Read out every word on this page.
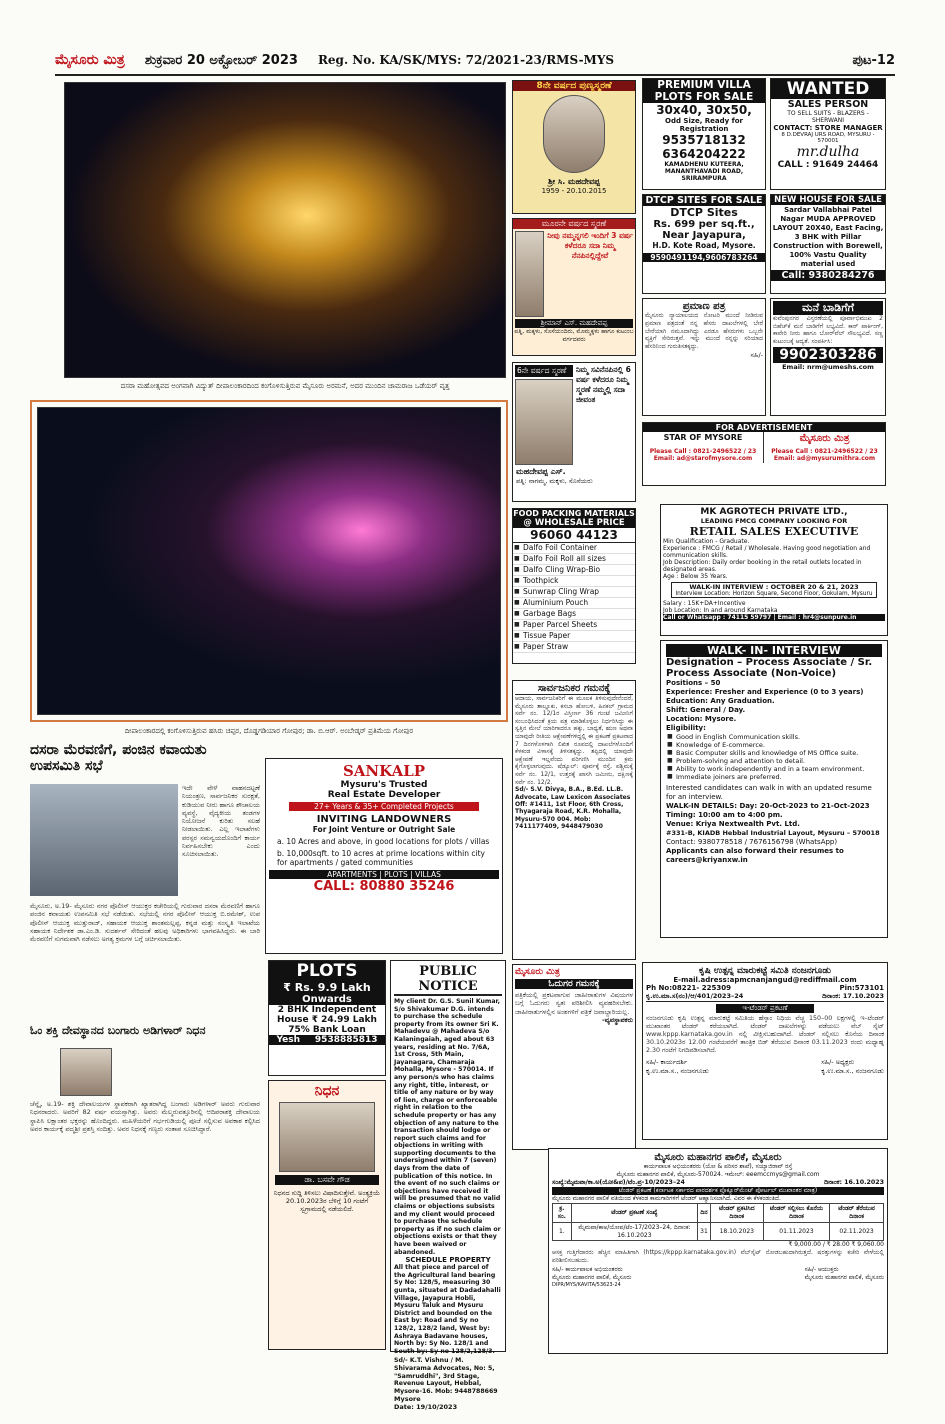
ಮೈಸೂರು ಮಿತ್ರ ಶುಕ್ರವಾರ 20 ಅಕ್ಟೋಬರ್ 2023 Reg. No. KA/SK/MYS: 72/2021-23/RMS-MYS	ಪುಟ-12
ದಸರಾ ಮಹೋತ್ಸವದ ಅಂಗವಾಗಿ ವಿದ್ಯುತ್ ದೀಪಾಲಂಕಾರದಿಂದ ಕಂಗೊಳಿಸುತ್ತಿರುವ ಮೈಸೂರು ಅರಮನೆ, ಅದರ ಮುಂದಿನ ಚಾಮರಾಜ ಒಡೆಯರ್ ವೃತ್ತ
ದೀಪಾಲಂಕಾರದಲ್ಲಿ ಕಂಗೊಳಿಸುತ್ತಿರುವ ಹಸಿರು ಚಪ್ಪರ, ದೊಡ್ಡಗಡಿಯಾರ ಗೋಪುರ; ಡಾ. ಬಿ.ಆರ್. ಅಂಬೇಡ್ಕರ್ ಪ್ರತಿಮೆಯ ಗೋಪುರ
ದಸರಾ ಮೆರವಣಿಗೆ, ಪಂಜಿನ ಕವಾಯತು ಉಪಸಮಿತಿ ಸಭೆ
ಮೈಸೂರು, ಅ.19- ಮೈಸೂರು ನಗರ ಪೊಲೀಸ್ ಆಯುಕ್ತರ ಕಚೇರಿಯಲ್ಲಿ ಗುರುವಾರ ದಸರಾ ಮೆರವಣಿಗೆ ಹಾಗೂ ಪಂಜಿನ ಕವಾಯತು ಉಪಸಮಿತಿ ಸಭೆ ನಡೆಯಿತು. ಸಭೆಯಲ್ಲಿ ನಗರ ಪೊಲೀಸ್ ಆಯುಕ್ತ ಬಿ.ರಮೇಶ್, ಉಪ ಪೊಲೀಸ್ ಆಯುಕ್ತ ಮುತ್ತುರಾಜ್, ಸಹಾಯಕ ಆಯುಕ್ತ ಶಾಂತಮಲ್ಲಪ್ಪ, ಕನ್ನಡ ಮತ್ತು ಸಂಸ್ಕೃತಿ ಇಲಾಖೆಯ ಸಹಾಯಕ ನಿರ್ದೇಶಕ ಡಾ.ಎಂ.ಡಿ. ಸುದರ್ಶನ್ ಸೇರಿದಂತೆ ಹಲವು ಅಧಿಕಾರಿಗಳು ಭಾಗವಹಿಸಿದ್ದರು. ಈ ಬಾರಿ ಮೆರವಣಿಗೆ ಸುಗಮವಾಗಿ ನಡೆಸಲು ಅಗತ್ಯ ಕ್ರಮಗಳ ಬಗ್ಗೆ ಚರ್ಚಿಸಲಾಯಿತು.
ಇದೇ ವೇಳೆ ವಾಹನದಟ್ಟಣೆ ನಿಯಂತ್ರಣ, ಸಾರ್ವಜನಿಕರ ಸುರಕ್ಷತೆ, ಕುಡಿಯುವ ನೀರು ಹಾಗೂ ಶೌಚಾಲಯ ವ್ಯವಸ್ಥೆ, ವೈದ್ಯಕೀಯ ತಂಡಗಳ ನಿಯೋಜನೆ ಕುರಿತು ಸಲಹೆ ನೀಡಲಾಯಿತು. ಎಲ್ಲ ಇಲಾಖೆಗಳು ಪರಸ್ಪರ ಸಮನ್ವಯದೊಂದಿಗೆ ಕಾರ್ಯ ನಿರ್ವಹಿಸಬೇಕು ಎಂದು ಸೂಚಿಸಲಾಯಿತು.
ಓಂ ಶಕ್ತಿ ದೇವಸ್ಥಾನದ ಬಂಗಾರು ಅಡಿಗಳಾರ್ ನಿಧನ
ಚೆನ್ನೈ, ಅ.19- ಶಕ್ತಿ ದೇವಾಲಯಗಳ ಸ್ಥಾಪಕರಾಗಿ ಖ್ಯಾತರಾಗಿದ್ದ ಬಂಗಾರು ಅಡಿಗಳಾರ್ ಅವರು ಗುರುವಾರ ನಿಧನರಾದರು. ಅವರಿಗೆ 82 ವರ್ಷ ವಯಸ್ಸಾಗಿತ್ತು. ಅವರು ಮೆಲ್ಮರುವತ್ತೂರಿನಲ್ಲಿ ಆದಿಪರಾಶಕ್ತಿ ದೇವಾಲಯ ಸ್ಥಾಪಿಸಿ ಲಕ್ಷಾಂತರ ಭಕ್ತರನ್ನು ಹೊಂದಿದ್ದರು. ಮಹಿಳೆಯರಿಗೆ ಗರ್ಭಗುಡಿಯಲ್ಲಿ ಪೂಜೆ ಸಲ್ಲಿಸುವ ಅವಕಾಶ ಕಲ್ಪಿಸಿದ ಅವರ ಕಾರ್ಯಕ್ಕೆ ಪದ್ಮಶ್ರೀ ಪ್ರಶಸ್ತಿ ಸಂದಿತ್ತು. ಅವರ ನಿಧನಕ್ಕೆ ಗಣ್ಯರು ಸಂತಾಪ ಸೂಚಿಸಿದ್ದಾರೆ.
SANKALP
Mysuru's Trusted
Real Estate Developer
27+ Years & 35+ Completed Projects
INVITING LANDOWNERS
For Joint Venture or Outright Sale
a. 10 Acres and above, in good locations for plots / villas
b. 10,000sqft. to 10 acres at prime locations within city for apartments / gated communities
APARTMENTS | PLOTS | VILLAS
CALL: 80880 35246
PLOTS
₹ Rs. 9.9 Lakh
Onwards
2 BHK Independent
House ₹ 24.99 Lakh
75% Bank Loan
Yesh 9538885813
ನಿಧನ
ಡಾ. ಬಸವೇ ಗೌಡ
ನಿಧನದ ಸುದ್ದಿ ತಿಳಿಸಲು ವಿಷಾದಿಸುತ್ತೇವೆ. ಅಂತ್ಯಕ್ರಿಯೆ 20.10.2023ರ ಬೆಳಿಗ್ಗೆ 10 ಗಂಟೆಗೆ ಸ್ವಗ್ರಾಮದಲ್ಲಿ ನಡೆಯಲಿದೆ.
PUBLIC NOTICE
My client Dr. G.S. Sunil Kumar, S/o Shivakumar D.G. intends to purchase the schedule property from its owner Sri K. Mahadevu @ Mahadeva S/o Kalaningaiah, aged about 63 years, residing at No. 7/6A, 1st Cross, 5th Main, Jayanagara, Chamaraja Mohalla, Mysore - 570014. If any person/s who has claims any right, title, interest, or title of any nature or by way of lien, charge or enforceable right in relation to the schedule property or has any objection of any nature to the transaction should lodge or report such claims and for objections in writing with supporting documents to the undersigned within 7 (seven) days from the date of publication of this notice. In the event of no such claims or objections have received it will be presumed that no valid claims or objections subsists and my client would proceed to purchase the schedule property as if no such claim or objections exists or that they have been waived or abandoned.
SCHEDULE PROPERTY
All that piece and parcel of the Agricultural land bearing Sy No: 128/5, measuring 30 gunta, situated at Dadadahalli Village, Jayapura Hobli, Mysuru Taluk and Mysuru District and bounded on the East by: Road and Sy no 128/2, 128/2 land, West by: Ashraya Badavane houses, North by: Sy No. 128/1 and South by: Sy no 128/2,128/3.
Sd/- K.T. Vishnu / M. Shivarama Advocates, No: 5, "Samruddhi", 3rd Stage, Revenue Layout, Hebbal, Mysore-16. Mob: 9448788669
Mysore
Date: 19/10/2023
8ನೇ ವರ್ಷದ ಪುಣ್ಯಸ್ಮರಣೆ
ಶ್ರೀ ಸಿ. ಮಹದೇವಪ್ಪ
1959 - 20.10.2015
ಮೂರನೇ ವರ್ಷದ ಸ್ಮರಣೆ
ನೀವು ನಮ್ಮನ್ನಗಲಿ ಇಂದಿಗೆ 3 ವರ್ಷ ಕಳೆದರೂ ಸದಾ ನಿಮ್ಮ ನೆನಪಿನಲ್ಲಿದ್ದೇವೆ
ಶ್ರೀಮಾನ್ ಎಸ್. ಮಹದೇವಪ್ಪ
ಪತ್ನಿ, ಮಕ್ಕಳು, ಸೊಸೆಯಂದಿರು, ಮೊಮ್ಮಕ್ಕಳು ಹಾಗೂ ಕುಟುಂಬ ವರ್ಗದವರು
6ನೇ ವರ್ಷದ ಸ್ಮರಣೆ	ನಿಮ್ಮ ಸವಿನೆನಪಿನಲ್ಲಿ 6 ವರ್ಷ ಕಳೆದರೂ ನಿಮ್ಮ ಸ್ಮರಣೆ ನಮ್ಮಲ್ಲಿ ಸದಾ ಜೀವಂತ
ಮಹದೇವಪ್ಪ ಎಸ್.
ಪತ್ನಿ: ನಾಗಮ್ಮ, ಮಕ್ಕಳು, ಸೊಸೆಯರು
FOOD PACKING MATERIALS
@ WHOLESALE PRICE
96060 44123
■ Dalfo Foil Container
■ Dalfo Foil Roll all sizes
■ Dalfo Cling Wrap-Bio
■ Toothpick
■ Sunwrap Cling Wrap
■ Aluminium Pouch
■ Garbage Bags
■ Paper Parcel Sheets
■ Tissue Paper
■ Paper Straw
ಸಾರ್ವಜನಿಕರ ಗಮನಕ್ಕೆ
ಆದಾಯ, ಸಾರ್ವಜನಿಕರಿಗೆ ಈ ಮೂಲಕ ತಿಳಿಸುವುದೇನೆಂದರೆ, ಮೈಸೂರು ತಾಲ್ಲೂಕು, ಕಸಬಾ ಹೋಬಳಿ, ಹಿನಕಲ್ ಗ್ರಾಮದ ಸರ್ವೆ ನಂ. 12/1ರ ವಿಸ್ತೀರ್ಣ 36 ಗುಂಟೆ ಜಮೀನಿಗೆ ಸಂಬಂಧಿಸಿದಂತೆ ಕ್ರಯ ಪತ್ರ ಮಾಡಿಕೊಳ್ಳಲು ನಿರ್ಧರಿಸಿದ್ದು ಈ ಸ್ವತ್ತಿನ ಮೇಲೆ ಯಾರಿಗಾದರೂ ಹಕ್ಕು, ಬಾಧ್ಯತೆ, ಋಣ ಅಥವಾ ಯಾವುದೇ ರೀತಿಯ ಆಕ್ಷೇಪಣೆಗಳಿದ್ದಲ್ಲಿ ಈ ಪ್ರಕಟಣೆ ಪ್ರಕಟವಾದ 7 ದಿನಗಳೊಳಗಾಗಿ ಲಿಖಿತ ರೂಪದಲ್ಲಿ ದಾಖಲೆಗಳೊಂದಿಗೆ ಕೆಳಕಂಡ ವಿಳಾಸಕ್ಕೆ ತಿಳಿಸತಕ್ಕದ್ದು. ತಪ್ಪಿದಲ್ಲಿ ಯಾವುದೇ ಆಕ್ಷೇಪಣೆ ಇಲ್ಲವೆಂದು ಪರಿಗಣಿಸಿ ಮುಂದಿನ ಕ್ರಮ ಕೈಗೊಳ್ಳಲಾಗುವುದು. ಷೆಡ್ಯೂಲ್: ಪೂರ್ವಕ್ಕೆ ರಸ್ತೆ, ಪಶ್ಚಿಮಕ್ಕೆ ಸರ್ವೆ ನಂ. 12/1, ಉತ್ತರಕ್ಕೆ ಖಾಸಗಿ ಜಮೀನು, ದಕ್ಷಿಣಕ್ಕೆ ಸರ್ವೆ ನಂ. 12/2.
Sd/- S.V. Divya, B.A., B.Ed. LL.B. Advocate, Law Lexicon Associates Off: #1411, 1st Floor, 6th Cross, Thyagaraja Road, K.R. Mohalla, Mysuru-570 004. Mob: 7411177409, 9448479030
ಮೈಸೂರು ಮಿತ್ರ
ಓದುಗರ ಗಮನಕ್ಕೆ
ಪತ್ರಿಕೆಯಲ್ಲಿ ಪ್ರಕಟವಾಗುವ ಜಾಹೀರಾತುಗಳ ವಿಷಯಗಳ ಬಗ್ಗೆ ಓದುಗರು ಸ್ವತಃ ಪರಿಶೀಲಿಸಿ ವ್ಯವಹರಿಸಬೇಕು. ಜಾಹೀರಾತುಗಳಲ್ಲಿನ ಅಂಶಗಳಿಗೆ ಪತ್ರಿಕೆ ಜವಾಬ್ದಾರಿಯಲ್ಲ.
-ವ್ಯವಸ್ಥಾಪಕರು
PREMIUM VILLA
PLOTS FOR SALE
30x40, 30x50,
Odd Size, Ready for Registration
9535718132
6364204222
KAMADHENU KUTEERA, MANANTHAVADI ROAD, SRIRAMPURA
WANTED
SALES PERSON
TO SELL SUITS - BLAZERS - SHERWANI
CONTACT: STORE MANAGER
8 D.DEVRAJ URS ROAD, MYSURU - 570001
mr.dulha
CALL : 91649 24464
DTCP SITES FOR SALE
DTCP Sites
Rs. 699 per sq.ft.,
Near Jayapura,
H.D. Kote Road, Mysore.
9590491194,9606783264
NEW HOUSE FOR SALE
Sardar Vallabhai Patel Nagar MUDA APPROVED LAYOUT 20X40, East Facing, 3 BHK with Pillar Construction with Borewell, 100% Vastu Quality material used
Call: 9380284276
ಪ್ರಮಾಣ ಪತ್ರ
ಮೈಸೂರು ನ್ಯಾಯಾಲಯದ ನೋಟರಿ ಮುಂದೆ ನೀಡಿರುವ ಪ್ರಮಾಣ ಪತ್ರದಂತೆ ನನ್ನ ಹೆಸರು ದಾಖಲೆಗಳಲ್ಲಿ ಬೇರೆ ಬೇರೆಯಾಗಿ ನಮೂದಾಗಿದ್ದು ಎರಡೂ ಹೆಸರುಗಳು ಒಬ್ಬನೇ ವ್ಯಕ್ತಿಗೆ ಸೇರಿರುತ್ತವೆ. ಇನ್ನು ಮುಂದೆ ನನ್ನನ್ನು ಸರಿಯಾದ ಹೆಸರಿನಿಂದ ಗುರುತಿಸತಕ್ಕದ್ದು.
ಸಹಿ/-
ಮನೆ ಬಾಡಿಗೆಗೆ
ಕುವೆಂಪುನಗರ ವಿಸ್ತರಣೆಯಲ್ಲಿ ಪೂರ್ವಾಭಿಮುಖ 2 ಬಿಹೆಚ್‌ಕೆ ಮನೆ ಬಾಡಿಗೆಗೆ ಲಭ್ಯವಿದೆ. ಕಾರ್ ಪಾರ್ಕಿಂಗ್, ಕಾವೇರಿ ನೀರು ಹಾಗೂ ಬೋರ್‌ವೆಲ್ ಸೌಲಭ್ಯವಿದೆ. ಸಣ್ಣ ಕುಟುಂಬಕ್ಕೆ ಆದ್ಯತೆ. ಸಂಪರ್ಕಿಸಿ:
9902303286
Email: nrm@umeshs.com
FOR ADVERTISEMENT
STAR OF MYSORE
Please Call : 0821-2496522 / 23
Email: ad@starofmysore.com
ಮೈಸೂರು ಮಿತ್ರ
Please Call : 0821-2496522 / 23
Email: ad@mysurumithra.com
MK AGROTECH PRIVATE LTD.,
LEADING FMCG COMPANY LOOKING FOR
RETAIL SALES EXECUTIVE
Min Qualification - Graduate.
Experience : FMCG / Retail / Wholesale. Having good negotiation and communication skills.
Job Description: Daily order booking in the retail outlets located in designated areas.
Age : Below 35 Years.
WALK-IN INTERVIEW : OCTOBER 20 & 21, 2023
Interview Location: Horizon Square, Second Floor, Gokulam, Mysuru
Salary : 15K+DA+Incentive
Job Location: In and around Karnataka
Call or Whatsapp : 74115 59797 | Email : hr4@sunpure.in
WALK- IN- INTERVIEW
Designation – Process Associate / Sr. Process Associate (Non-Voice)
Positions – 50
Experience: Fresher and Experience (0 to 3 years)
Education: Any Graduation.
Shift: General / Day.
Location: Mysore.
Eligibility:
■ Good in English Communication skills.
■ Knowledge of E-commerce.
■ Basic Computer skills and knowledge of MS Office suite.
■ Problem-solving and attention to detail.
■ Ability to work independently and in a team environment.
■ Immediate joiners are preferred.
Interested candidates can walk in with an updated resume for an interview.
WALK-IN DETAILS: Day: 20-Oct-2023 to 21-Oct-2023
Timing: 10:00 am to 4:00 pm.
Venue: Kriya Nextwealth Pvt. Ltd.
#331-B, KIADB Hebbal Industrial Layout, Mysuru – 570018
Contact: 9380778518 / 7676156798 (WhatsApp)
Applicants can also forward their resumes to careers@kriyanxw.in
ಕೃಷಿ ಉತ್ಪನ್ನ ಮಾರುಕಟ್ಟೆ ಸಮಿತಿ ನಂಜನಗೂಡು
E-mail.adress:apmcnanjangud@rediffmail.com
Ph No:08221- 225309	Pin:573101
ಕೃ.ಉ.ಮಾ.ಸ(ನಂ)/ಆ/401/2023–24	ದಿನಾಂಕ: 17.10.2023
ಇ-ಟೆಂಡರ್ ಪ್ರಕಟಣೆ
ನಂಜನಗೂಡು ಕೃಷಿ ಉತ್ಪನ್ನ ಮಾರುಕಟ್ಟೆ ಸಮಿತಿಯ ಹೆಸ್ಕಾಂ ನಿಧಿಯ ವೆಚ್ಚ 150–00 ಲಕ್ಷಗಳಲ್ಲಿ ಇ–ಟೆಂಡರ್ ಮುಖಾಂತರ ಟೆಂಡರ್ ಕರೆಯಲಾಗಿದೆ. ಟೆಂಡರ್ ದಾಖಲೆಗಳನ್ನು ಪಡೆಯಲು ವೆಬ್ ಸೈಟ್ www.kppp.karnataka.gov.in ನಲ್ಲಿ ವೀಕ್ಷಿಸಬಹುದಾಗಿದೆ. ಟೆಂಡರ್ ಸಲ್ಲಿಸಲು ಕೊನೆಯ ದಿನಾಂಕ 30.10.2023ರ 12.00 ಗಂಟೆಯವರೆಗೆ ತಾಂತ್ರಿಕ ಬಿಡ್ ತೆರೆಯುವ ದಿನಾಂಕ 03.11.2023 ರಂದು ಮಧ್ಯಾಹ್ನ 2.30 ಗಂಟೆಗೆ ನಿಗದಿಪಡಿಸಲಾಗಿದೆ.
ಸಹಿ/- ಕಾರ್ಯದರ್ಶಿ
ಕೃ.ಉ.ಮಾ.ಸ., ನಂಜನಗೂಡು
ಸಹಿ/- ಅಧ್ಯಕ್ಷರು
ಕೃ.ಉ.ಮಾ.ಸ., ನಂಜನಗೂಡು
ಮೈಸೂರು ಮಹಾನಗರ ಪಾಲಿಕೆ, ಮೈಸೂರು
ಕಾರ್ಯಪಾಲಕ ಅಭಿಯಂತರರು (ಯೋ & ಪರಿಸರ ಶಾಖೆ), ಸಯ್ಯಾಜಿರಾವ್ ರಸ್ತೆ
ಮೈಸೂರು ಮಹಾನಗರ ಪಾಲಿಕೆ, ಮೈಸೂರು-570024. ಇಮೇಲ್: eeemccmys@gmail.com
ಸಂಖ್ಯೆ:ಮೈಮಪಾ/ಕಾ.ಅ(ಯೋ&ಪ)/ಟೆಂ.ಪ್ರ-10/2023–24	ದಿನಾಂಕ: 16.10.2023
ಟೆಂಡರ್ ಪ್ರಕಟಣೆ (ಕರ್ನಾಟಕ ಸರ್ಕಾರದ ಪಾರದರ್ಶಕ ಪ್ರೊಕ್ಯೂರ್‌ಮೆಂಟ್ ಪೋರ್ಟಲ್ ಮುಖಾಂತರ ಮಾತ್ರ)
ಮೈಸೂರು ಮಹಾನಗರ ಪಾಲಿಕೆ ವತಿಯಿಂದ ಕೆಳಕಂಡ ಕಾಮಗಾರಿಗಳಿಗೆ ಟೆಂಡರ್ ಆಹ್ವಾನಿಸಲಾಗಿದೆ. ವಿವರ ಈ ಕೆಳಕಂಡಂತಿದೆ.
ಕ್ರ. ಸಂ.	ಟೆಂಡರ್ ಪ್ರಕಟಣೆ ಸಂಖ್ಯೆ	ದಿನ	ಟೆಂಡರ್ ಪ್ರಕಟಿಸಿದ ದಿನಾಂಕ	ಟೆಂಡರ್ ಸಲ್ಲಿಸಲು ಕೊನೆಯ ದಿನಾಂಕ	ಟೆಂಡರ್ ತೆರೆಯುವ ದಿನಾಂಕ
1.	ಮೈಮಪಾ/ಕಾಅ/ಯೋಪ/ಟೆಂ-17/2023–24, ದಿನಾಂಕ: 16.10.2023	31	18.10.2023	01.11.2023	02.11.2023
₹ 9,000.00 / ₹ 28.00 ₹ 9,060.00
ಆಸಕ್ತ ಗುತ್ತಿಗೆದಾರರು ಹೆಚ್ಚಿನ ಮಾಹಿತಿಗಾಗಿ (https://kppp.karnataka.gov.in) ವೆಬ್‌ಸೈಟ್ ನೋಡಬಹುದಾಗಿರುತ್ತದೆ. ಷರತ್ತುಗಳನ್ನು ಕಚೇರಿ ವೇಳೆಯಲ್ಲಿ ಪರಿಶೀಲಿಸಬಹುದು.
ಸಹಿ/- ಕಾರ್ಯಪಾಲಕ ಅಭಿಯಂತರರು
ಮೈಸೂರು ಮಹಾನಗರ ಪಾಲಿಕೆ, ಮೈಸೂರು
ಸಹಿ/- ಆಯುಕ್ತರು
ಮೈಸೂರು ಮಹಾನಗರ ಪಾಲಿಕೆ, ಮೈಸೂರು
DIPR/MYS/KAVITA/53623-24
